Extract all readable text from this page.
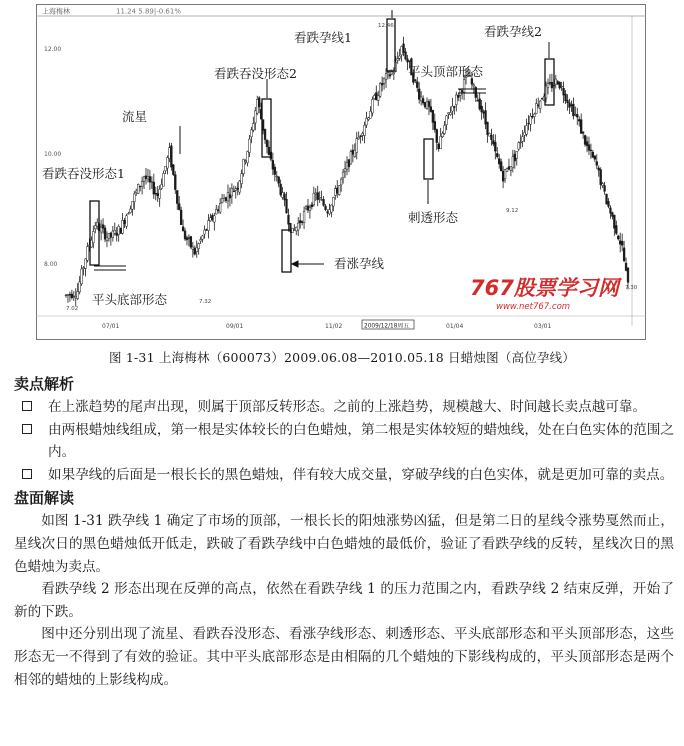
上海梅林	11.24 5.89|-0.61%
12.00
10.00
8.00
12.46
9.12
7.32
7.02
7.30
07/01	09/01	11/02	2009/12/18周五	01/04	03/01
767股票学习网
www.net767.com
看跌吞没形态1
流星
看跌吞没形态2
看跌孕线1
平头顶部形态
看跌孕线2
刺透形态
看涨孕线
平头底部形态
图 1-31 上海梅林（600073）2009.06.08—2010.05.18 日蜡烛图（高位孕线）
卖点解析
在上涨趋势的尾声出现，则属于顶部反转形态。之前的上涨趋势，规模越大、时间越长卖点越可靠。
由两根蜡烛线组成，第一根是实体较长的白色蜡烛，第二根是实体较短的蜡烛线，处在白色实体的范围之内。
如果孕线的后面是一根长长的黑色蜡烛，伴有较大成交量，穿破孕线的白色实体，就是更加可靠的卖点。
盘面解读

如图 1-31 跌孕线 1 确定了市场的顶部，一根长长的阳烛涨势凶猛，但是第二日的星线令涨势戛然而止，星线次日的黑色蜡烛低开低走，跌破了看跌孕线中白色蜡烛的最低价，验证了看跌孕线的反转，星线次日的黑色蜡烛为卖点。

看跌孕线 2 形态出现在反弹的高点，依然在看跌孕线 1 的压力范围之内，看跌孕线 2 结束反弹，开始了新的下跌。

图中还分别出现了流星、看跌吞没形态、看涨孕线形态、刺透形态、平头底部形态和平头顶部形态，这些形态无一不得到了有效的验证。其中平头底部形态是由相隔的几个蜡烛的下影线构成的，平头顶部形态是两个相邻的蜡烛的上影线构成。
